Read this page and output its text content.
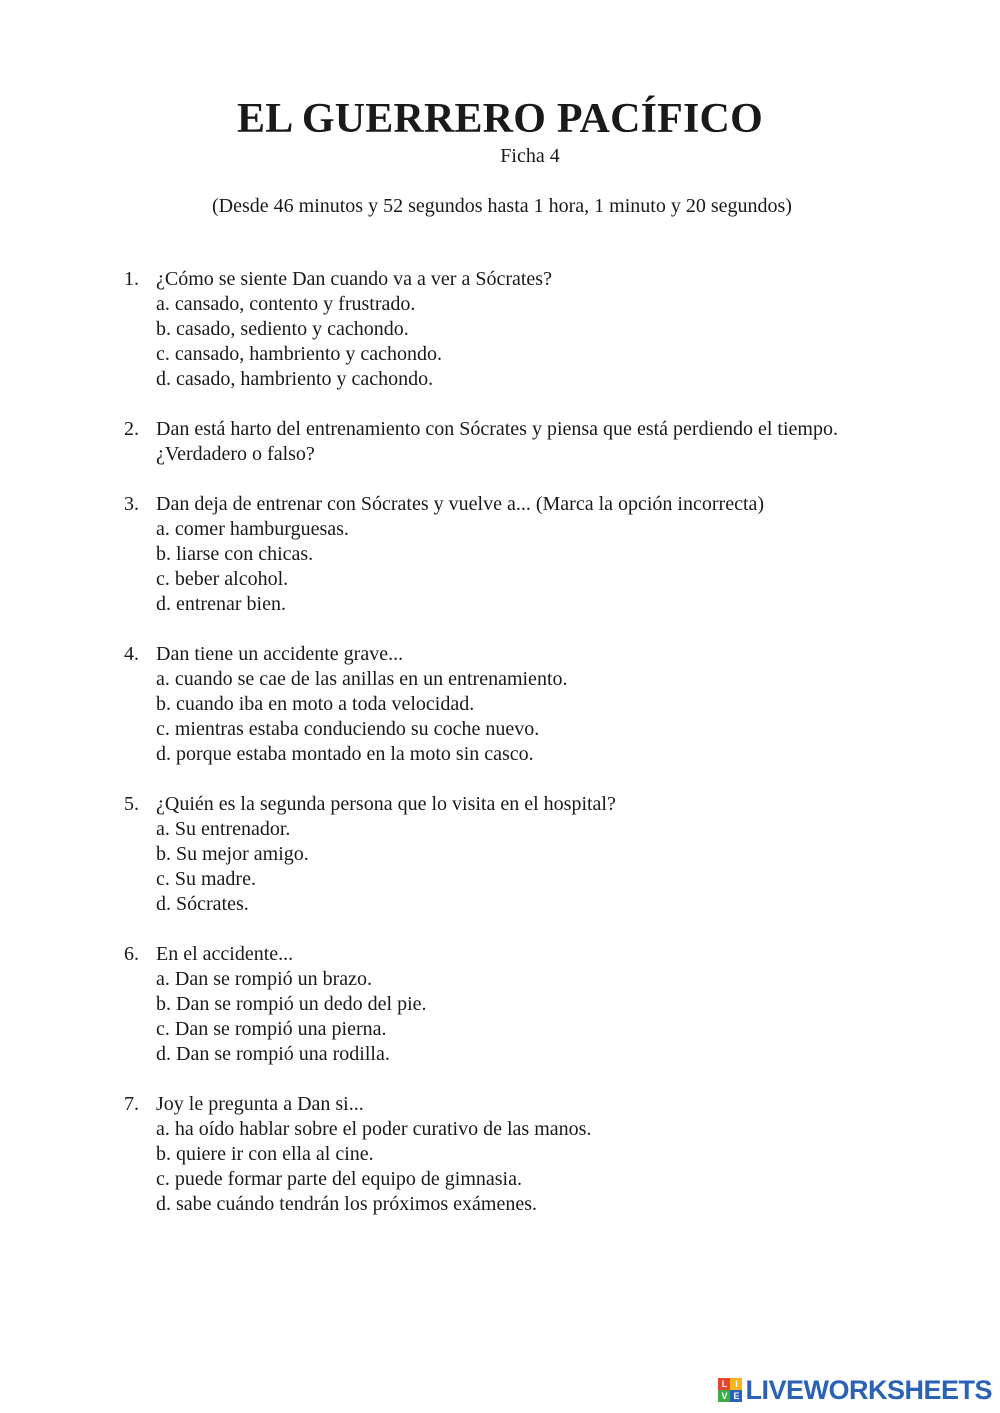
EL GUERRERO PACÍFICO
Ficha 4
(Desde 46 minutos y 52 segundos hasta 1 hora, 1 minuto y 20 segundos)
1. ¿Cómo se siente Dan cuando va a ver a Sócrates?
a. cansado, contento y frustrado.
b. casado, sediento y cachondo.
c. cansado, hambriento y cachondo.
d. casado, hambriento y cachondo.
2. Dan está harto del entrenamiento con Sócrates y piensa que está perdiendo el tiempo.
¿Verdadero o falso?
3. Dan deja de entrenar con Sócrates y vuelve a... (Marca la opción incorrecta)
a. comer hamburguesas.
b. liarse con chicas.
c. beber alcohol.
d. entrenar bien.
4. Dan tiene un accidente grave...
a. cuando se cae de las anillas en un entrenamiento.
b. cuando iba en moto a toda velocidad.
c. mientras estaba conduciendo su coche nuevo.
d. porque estaba montado en la moto sin casco.
5. ¿Quién es la segunda persona que lo visita en el hospital?
a. Su entrenador.
b. Su mejor amigo.
c. Su madre.
d. Sócrates.
6. En el accidente...
a. Dan se rompió un brazo.
b. Dan se rompió un dedo del pie.
c. Dan se rompió una pierna.
d. Dan se rompió una rodilla.
7. Joy le pregunta a Dan si...
a. ha oído hablar sobre el poder curativo de las manos.
b. quiere ir con ella al cine.
c. puede formar parte del equipo de gimnasia.
d. sabe cuándo tendrán los próximos exámenes.
L I
V E LIVEWORKSHEETS
